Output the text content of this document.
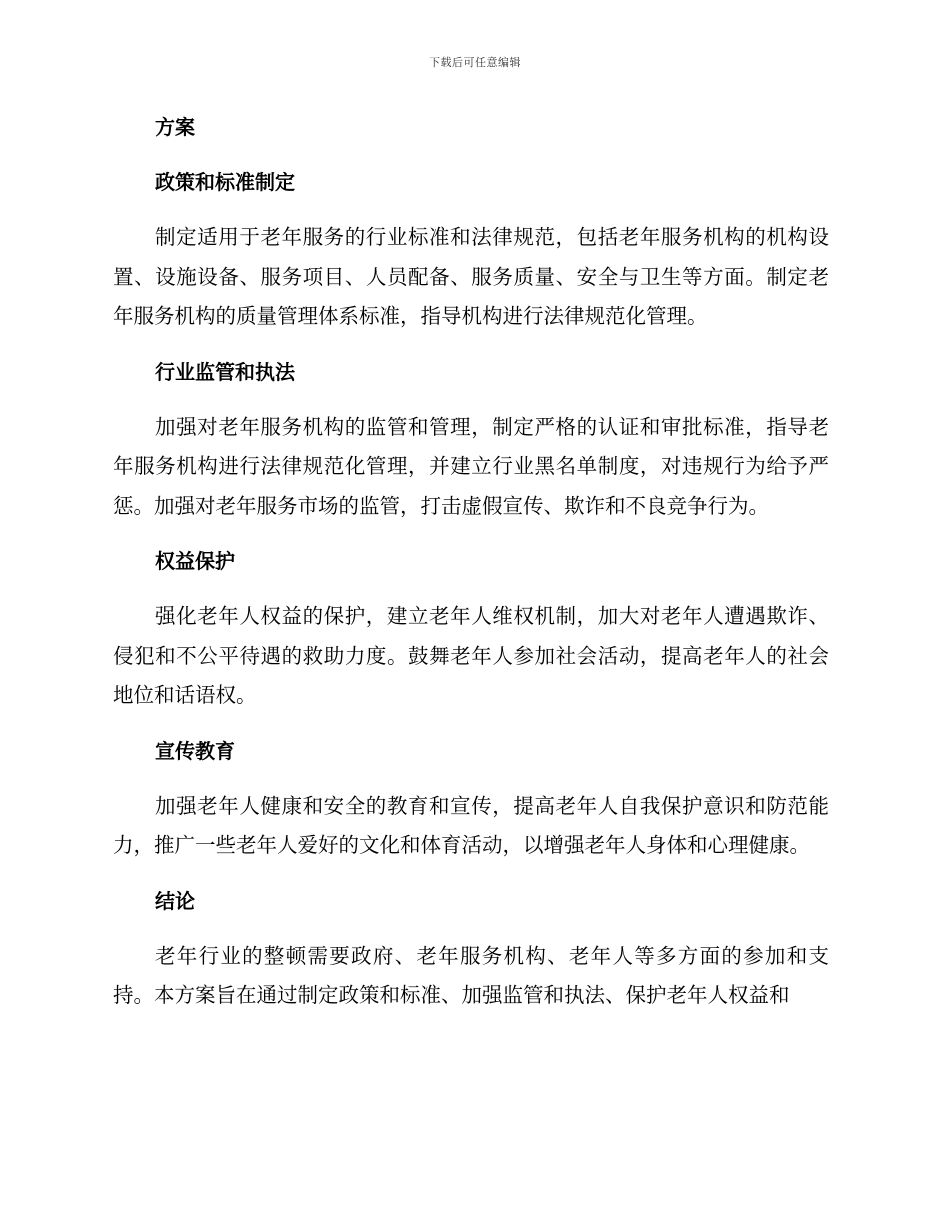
下载后可任意编辑
方案
政策和标准制定

制定适用于老年服务的行业标准和法律规范，包括老年服务机构的机构设置、设施设备、服务项目、人员配备、服务质量、安全与卫生等方面。制定老年服务机构的质量管理体系标准，指导机构进行法律规范化管理。

行业监管和执法

加强对老年服务机构的监管和管理，制定严格的认证和审批标准，指导老年服务机构进行法律规范化管理，并建立行业黑名单制度，对违规行为给予严惩。加强对老年服务市场的监管，打击虚假宣传、欺诈和不良竞争行为。

权益保护

强化老年人权益的保护，建立老年人维权机制，加大对老年人遭遇欺诈、侵犯和不公平待遇的救助力度。鼓舞老年人参加社会活动，提高老年人的社会地位和话语权。

宣传教育

加强老年人健康和安全的教育和宣传，提高老年人自我保护意识和防范能力，推广一些老年人爱好的文化和体育活动，以增强老年人身体和心理健康。

结论

老年行业的整顿需要政府、老年服务机构、老年人等多方面的参加和支持。本方案旨在通过制定政策和标准、加强监管和执法、保护老年人权益和
